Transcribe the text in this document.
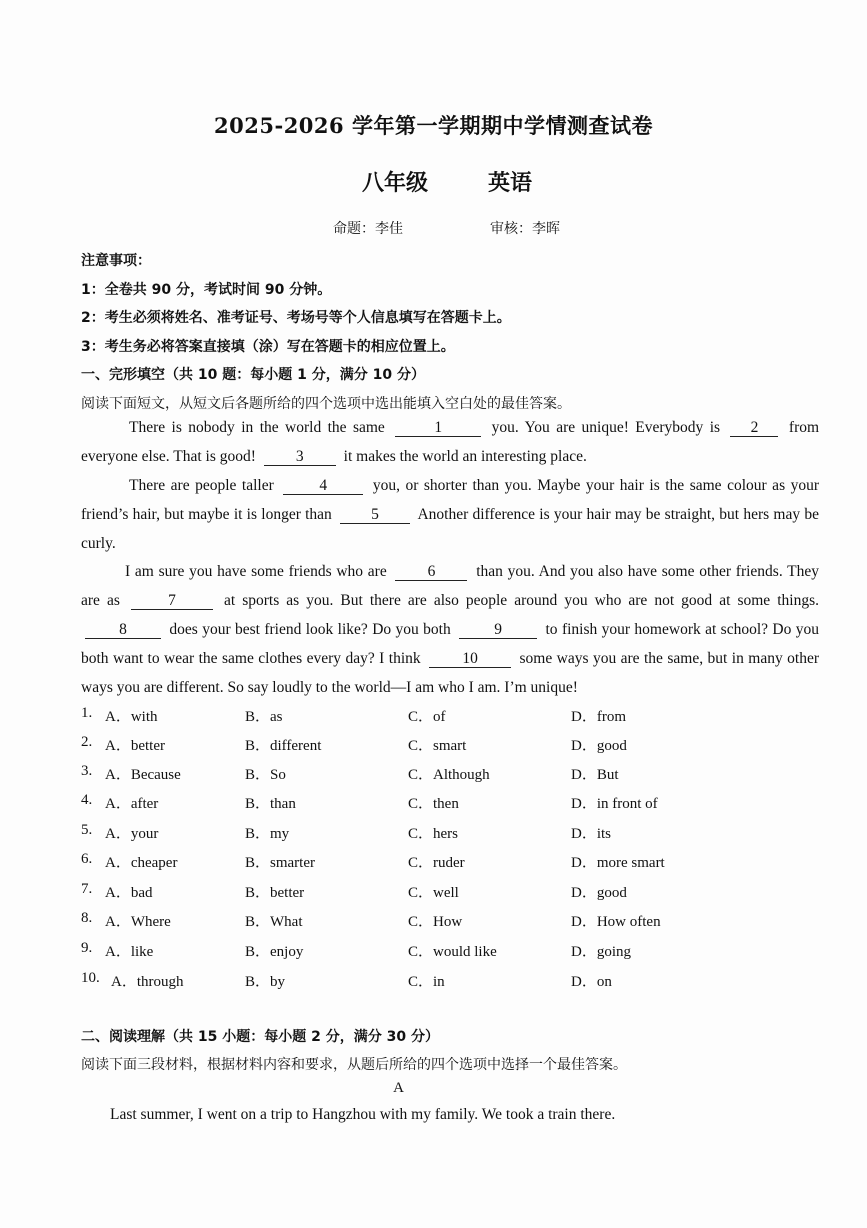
2025-2026 学年第一学期期中学情测查试卷
八年级	英语
命题：李佳	审核：李晖
注意事项：
1：全卷共 90 分，考试时间 90 分钟。
2：考生必须将姓名、准考证号、考场号等个人信息填写在答题卡上。
3：考生务必将答案直接填（涂）写在答题卡的相应位置上。
一、完形填空（共 10 题：每小题 1 分，满分 10 分）
阅读下面短文，从短文后各题所给的四个选项中选出能填入空白处的最佳答案。
There is nobody in the world the same	1	you. You are unique! Everybody is 2 from everyone else. That is good!	3	it makes the world an interesting place.
There are people taller	4	you, or shorter than you. Maybe your hair is the same colour as your friend’s hair, but maybe it is longer than	5 Another difference is your hair may be straight, but hers may be curly.
I am sure you have some friends who are	6	than you. And you also have some other friends. They are as	7	at sports as you. But there are also people around you who are not good at some things. 8	does your best friend look like? Do you both	9	to finish your homework at school? Do you both want to wear the same clothes every day? I think	10	some ways you are the same, but in many other ways you are different. So say loudly to the world—I am who I am. I’m unique!
1. A．with	B．as	C．of	D．from
2. A．better	B．different	C．smart	D．good
3. A．Because	B．So	C．Although	D．But
4. A．after	B．than	C．then	D．in front of
5. A．your	B．my	C．hers	D．its
6. A．cheaper	B．smarter	C．ruder	D．more smart
7. A．bad	B．better	C．well	D．good
8. A．Where	B．What	C．How	D．How often
9. A．like	B．enjoy	C．would like	D．going
10. A．through	B．by	C．in	D．on
二、阅读理解（共 15 小题：每小题 2 分，满分 30 分）
阅读下面三段材料，根据材料内容和要求，从题后所给的四个选项中选择一个最佳答案。
A
Last summer, I went on a trip to Hangzhou with my family. We took a train there.
